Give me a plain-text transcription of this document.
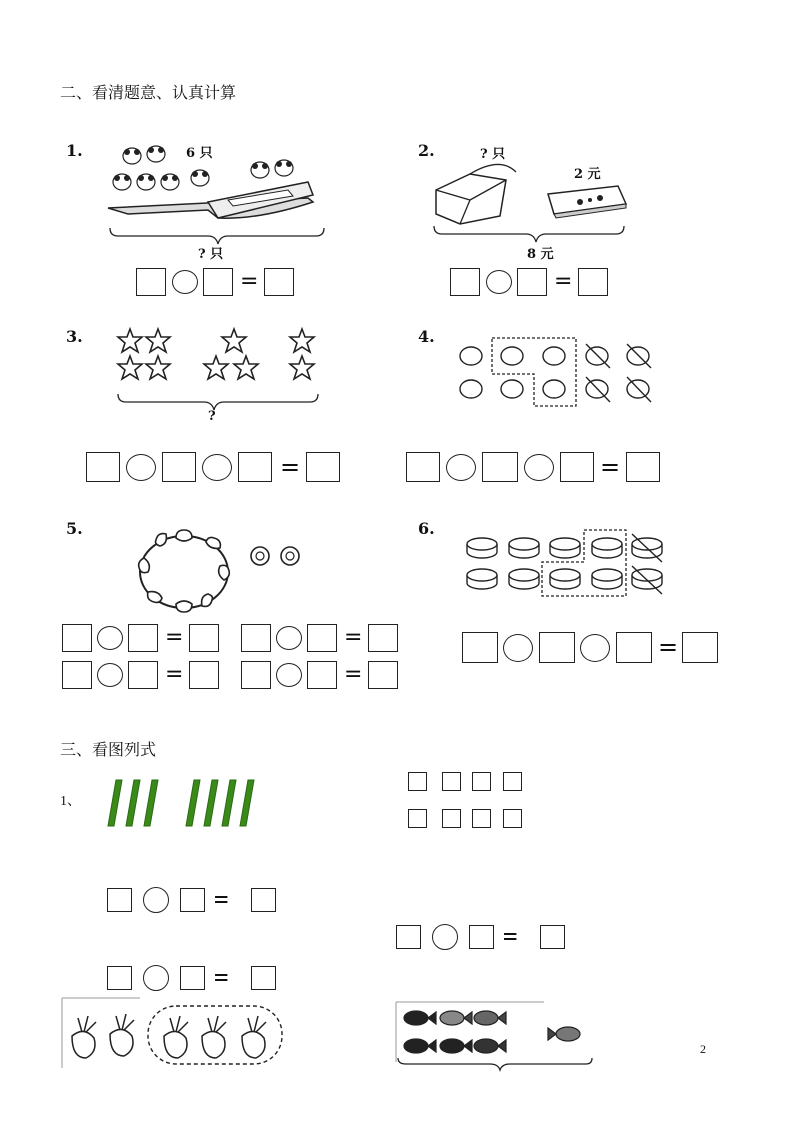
二、看清题意、认真计算
1.	6 只
? 只
=
2.	? 只
2 元
8 元
=
3.
?
=
4.
=
5.
=	=
=	=
6.
=
三、看图列式
1、
=
=
=
2
